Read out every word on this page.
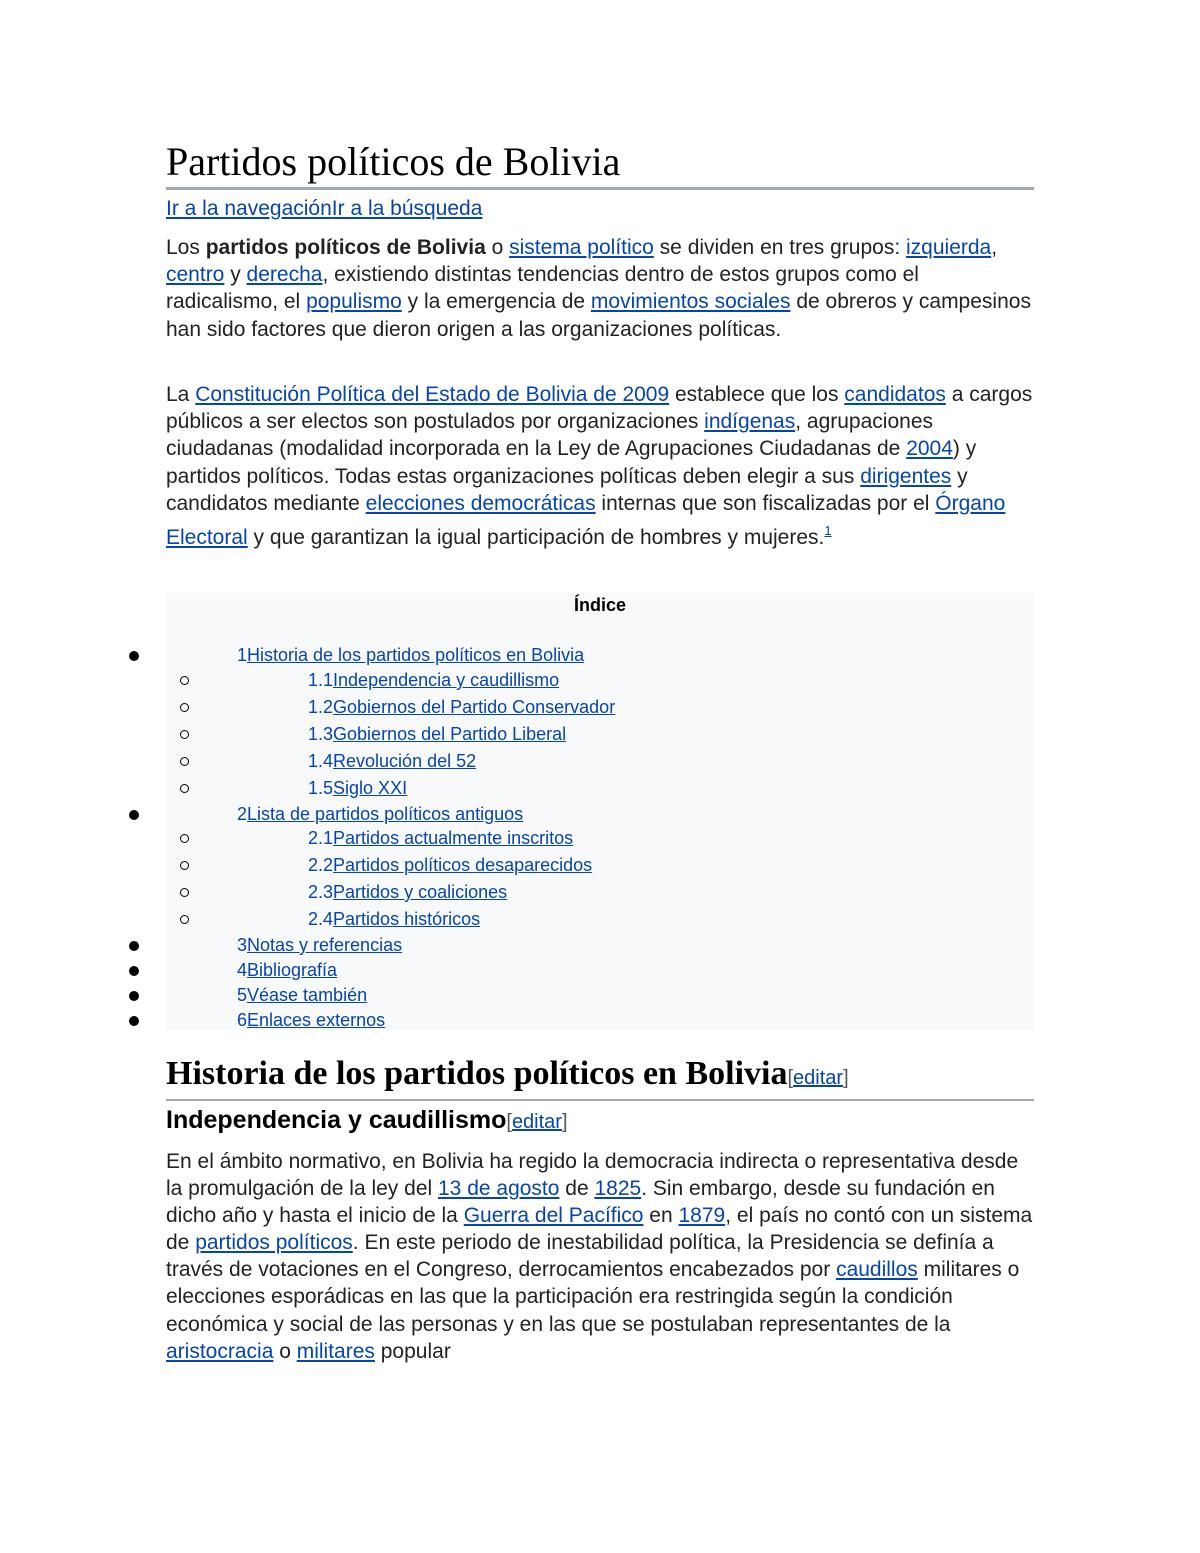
Partidos políticos de Bolivia
Ir a la navegaciónIr a la búsqueda

Los partidos políticos de Bolivia o sistema político se dividen en tres grupos: izquierda, centro y derecha, existiendo distintas tendencias dentro de estos grupos como el radicalismo, el populismo y la emergencia de movimientos sociales de obreros y campesinos han sido factores que dieron origen a las organizaciones políticas.

La Constitución Política del Estado de Bolivia de 2009 establece que los candidatos a cargos públicos a ser electos son postulados por organizaciones indígenas, agrupaciones ciudadanas (modalidad incorporada en la Ley de Agrupaciones Ciudadanas de 2004) y partidos políticos. Todas estas organizaciones políticas deben elegir a sus dirigentes y candidatos mediante elecciones democráticas internas que son fiscalizadas por el Órgano Electoral y que garantizan la igual participación de hombres y mujeres.$^1$

Índice
1Historia de los partidos políticos en Bolivia
1.1Independencia y caudillismo
1.2Gobiernos del Partido Conservador
1.3Gobiernos del Partido Liberal
1.4Revolución del 52
1.5Siglo XXI
2Lista de partidos políticos antiguos
2.1Partidos actualmente inscritos
2.2Partidos políticos desaparecidos
2.3Partidos y coaliciones
2.4Partidos históricos
3Notas y referencias
4Bibliografía
5Véase también
6Enlaces externos
Historia de los partidos políticos en Bolivia[editar]
Independencia y caudillismo[editar]

En el ámbito normativo, en Bolivia ha regido la democracia indirecta o representativa desde la promulgación de la ley del 13 de agosto de 1825. Sin embargo, desde su fundación en dicho año y hasta el inicio de la Guerra del Pacífico en 1879, el país no contó con un sistema de partidos políticos. En este periodo de inestabilidad política, la Presidencia se definía a través de votaciones en el Congreso, derrocamientos encabezados por caudillos militares o elecciones esporádicas en las que la participación era restringida según la condición económica y social de las personas y en las que se postulaban representantes de la aristocracia o militares popular
